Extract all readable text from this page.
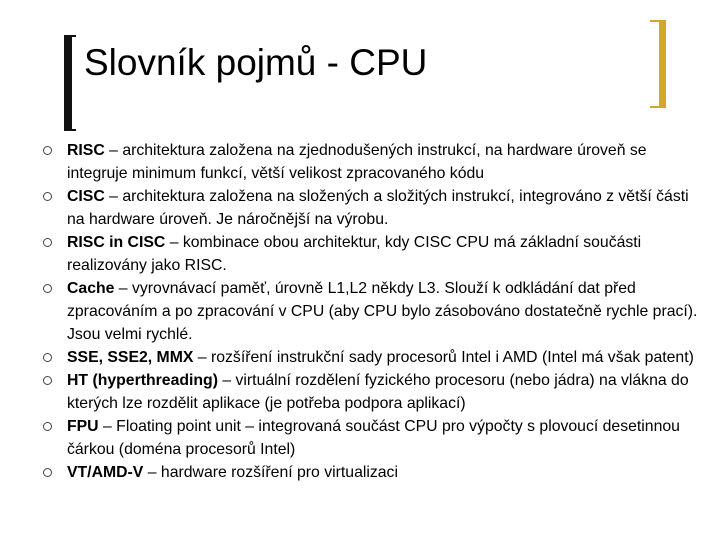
Slovník pojmů - CPU
RISC – architektura založena na zjednodušených instrukcí, na hardware úroveň se integruje minimum funkcí, větší velikost zpracovaného kódu
CISC – architektura založena na složených a složitých instrukcí, integrováno z větší části na hardware úroveň. Je náročnější na výrobu.
RISC in CISC – kombinace obou architektur, kdy CISC CPU má základní součásti realizovány jako RISC.
Cache – vyrovnávací paměť, úrovně L1,L2 někdy L3. Slouží k odkládání dat před zpracováním a po zpracování v CPU (aby CPU bylo zásobováno dostatečně rychle prací). Jsou velmi rychlé.
SSE, SSE2, MMX – rozšíření instrukční sady procesorů Intel i AMD (Intel má však patent)
HT (hyperthreading) – virtuální rozdělení fyzického procesoru (nebo jádra) na vlákna do kterých lze rozdělit aplikace (je potřeba podpora aplikací)
FPU – Floating point unit – integrovaná součást CPU pro výpočty s plovoucí desetinnou čárkou (doména procesorů Intel)
VT/AMD-V – hardware rozšíření pro virtualizaci
